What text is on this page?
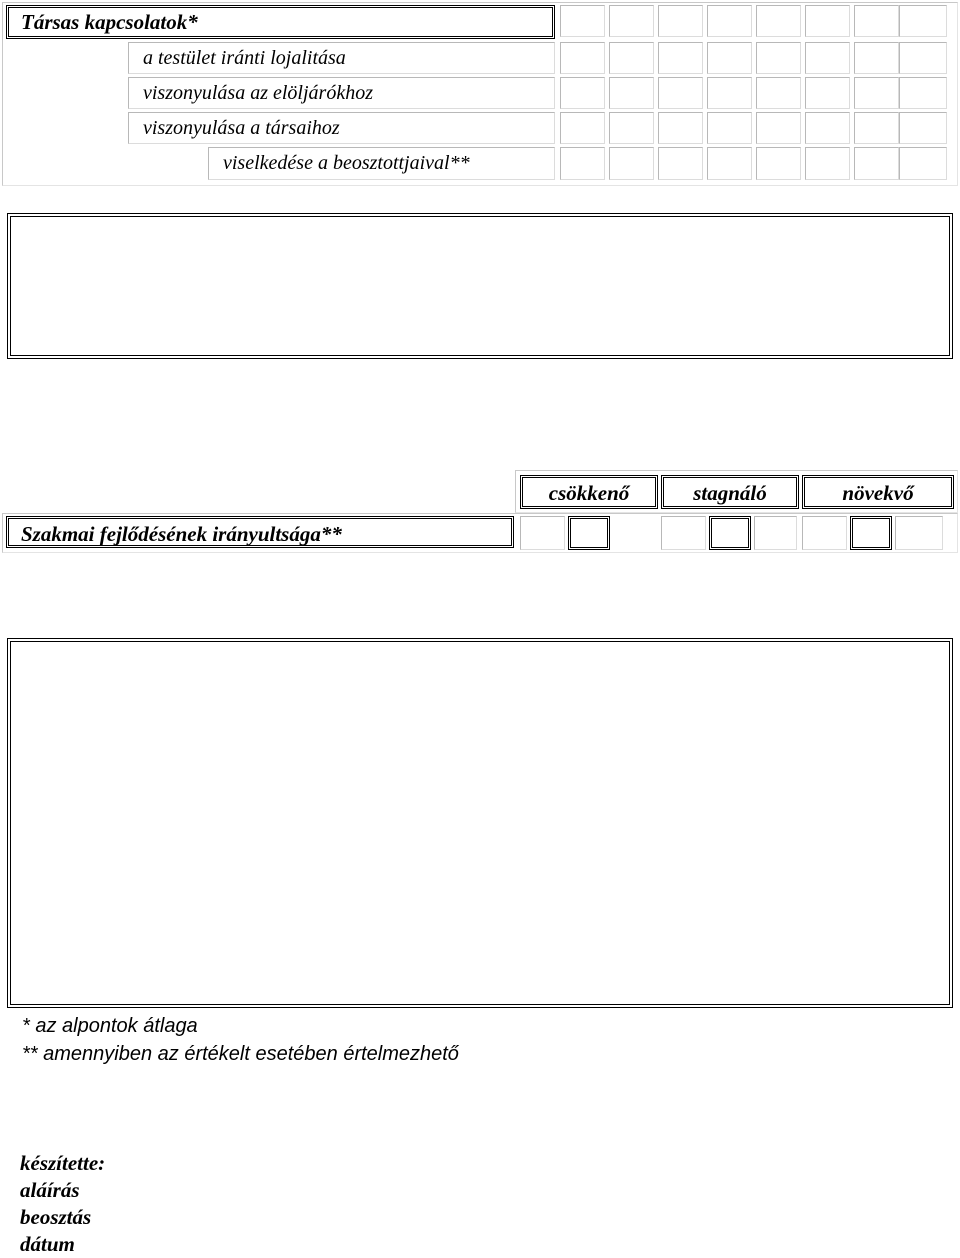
Társas kapcsolatok*
a testület iránti lojalitása
viszonyulása az elöljárókhoz
viszonyulása a társaihoz
viselkedése a beosztottjaival**
Szakmai fejlődésének irányultsága**
csökkenő	stagnáló	növekvő
* az alpontok átlaga
** amennyiben az értékelt esetében értelmezhető
készítette:
aláírás
beosztás
dátum
